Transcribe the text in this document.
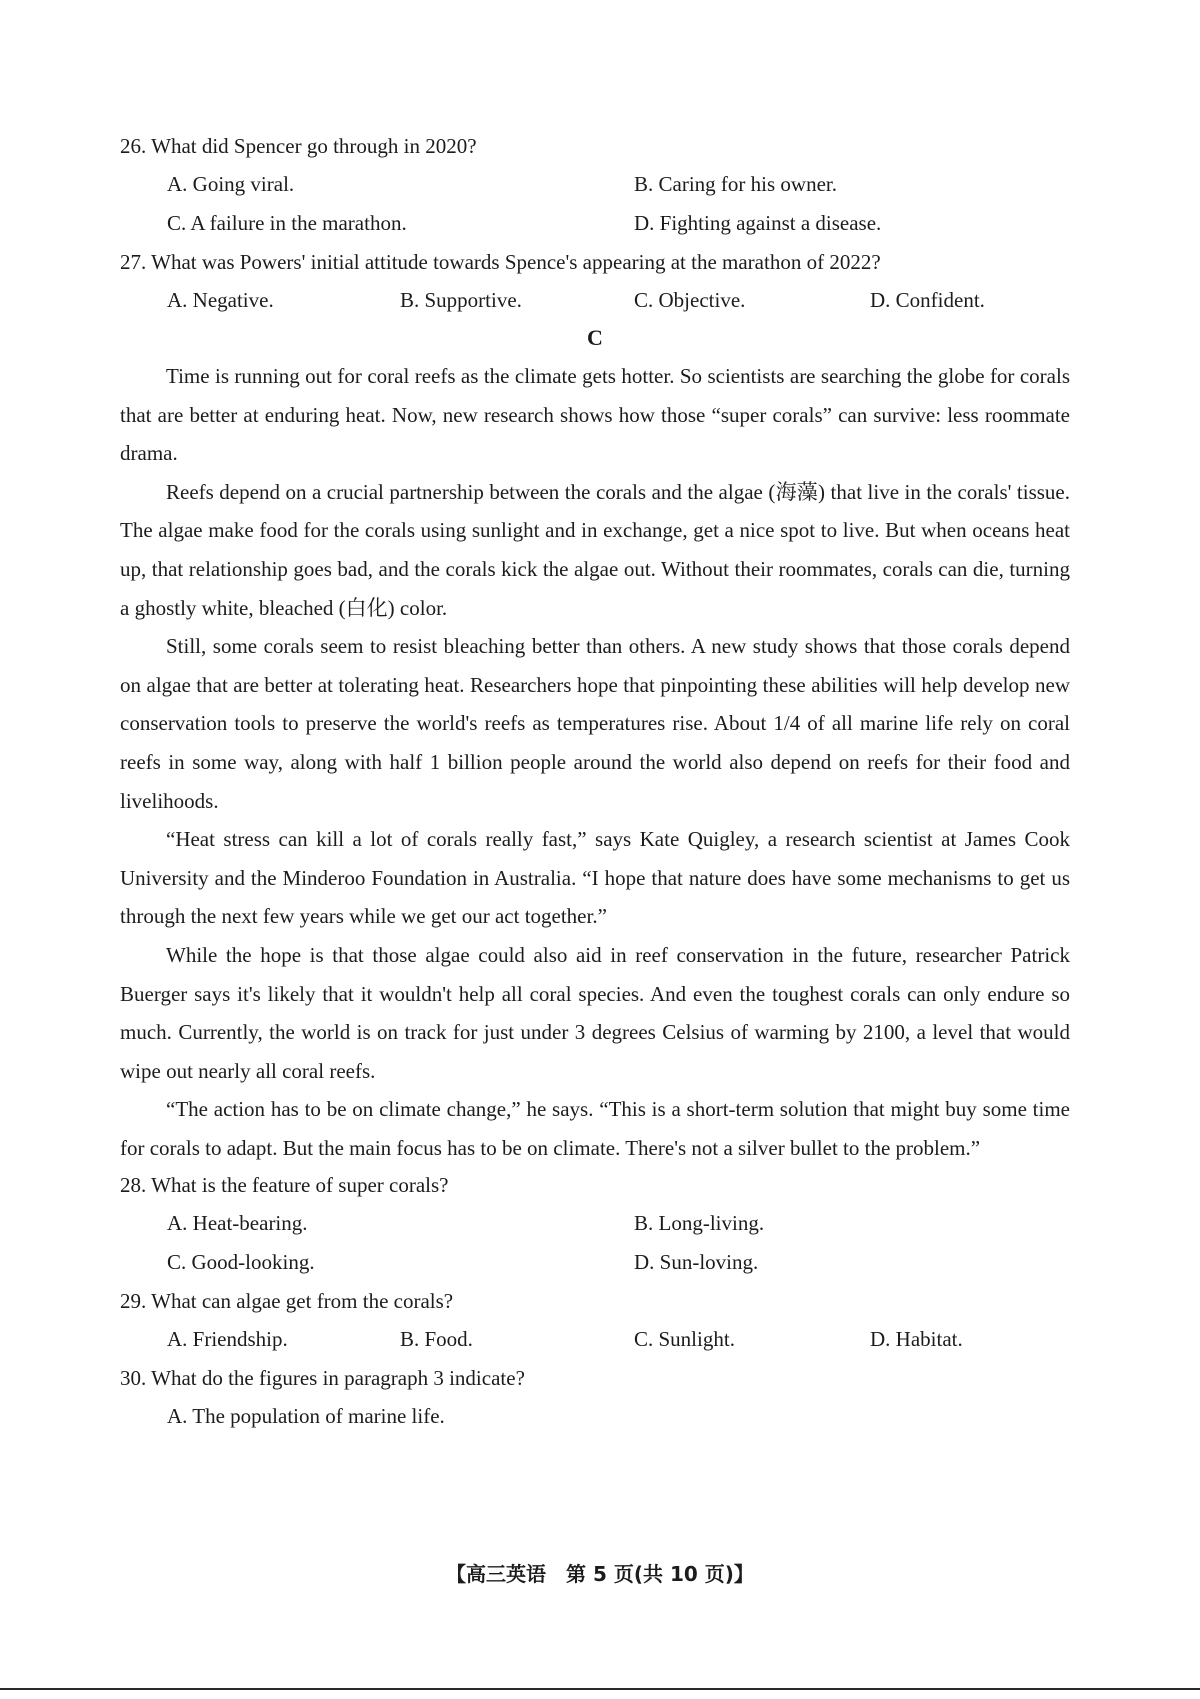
26. What did Spencer go through in 2020?

A. Going viral.	B. Caring for his owner.
C. A failure in the marathon.	D. Fighting against a disease.

27. What was Powers' initial attitude towards Spence's appearing at the marathon of 2022?

A. Negative.	B. Supportive.	C. Objective.	D. Confident.
C

Time is running out for coral reefs as the climate gets hotter. So scientists are searching the globe for corals that are better at enduring heat. Now, new research shows how those “super corals” can survive: less roommate drama.

Reefs depend on a crucial partnership between the corals and the algae (海藻) that live in the corals' tissue. The algae make food for the corals using sunlight and in exchange, get a nice spot to live. But when oceans heat up, that relationship goes bad, and the corals kick the algae out. Without their roommates, corals can die, turning a ghostly white, bleached (白化) color.

Still, some corals seem to resist bleaching better than others. A new study shows that those corals depend on algae that are better at tolerating heat. Researchers hope that pinpointing these abilities will help develop new conservation tools to preserve the world's reefs as temperatures rise. About 1/4 of all marine life rely on coral reefs in some way, along with half 1 billion people around the world also depend on reefs for their food and livelihoods.

“Heat stress can kill a lot of corals really fast,” says Kate Quigley, a research scientist at James Cook University and the Minderoo Foundation in Australia. “I hope that nature does have some mechanisms to get us through the next few years while we get our act together.”

While the hope is that those algae could also aid in reef conservation in the future, researcher Patrick Buerger says it's likely that it wouldn't help all coral species. And even the toughest corals can only endure so much. Currently, the world is on track for just under 3 degrees Celsius of warming by 2100, a level that would wipe out nearly all coral reefs.

“The action has to be on climate change,” he says. “This is a short-term solution that might buy some time for corals to adapt. But the main focus has to be on climate. There's not a silver bullet to the problem.”

28. What is the feature of super corals?

A. Heat-bearing.	B. Long-living.
C. Good-looking.	D. Sun-loving.

29. What can algae get from the corals?

A. Friendship.	B. Food.	C. Sunlight.	D. Habitat.

30. What do the figures in paragraph 3 indicate?

A. The population of marine life.
【高三英语　第 5 页(共 10 页)】
